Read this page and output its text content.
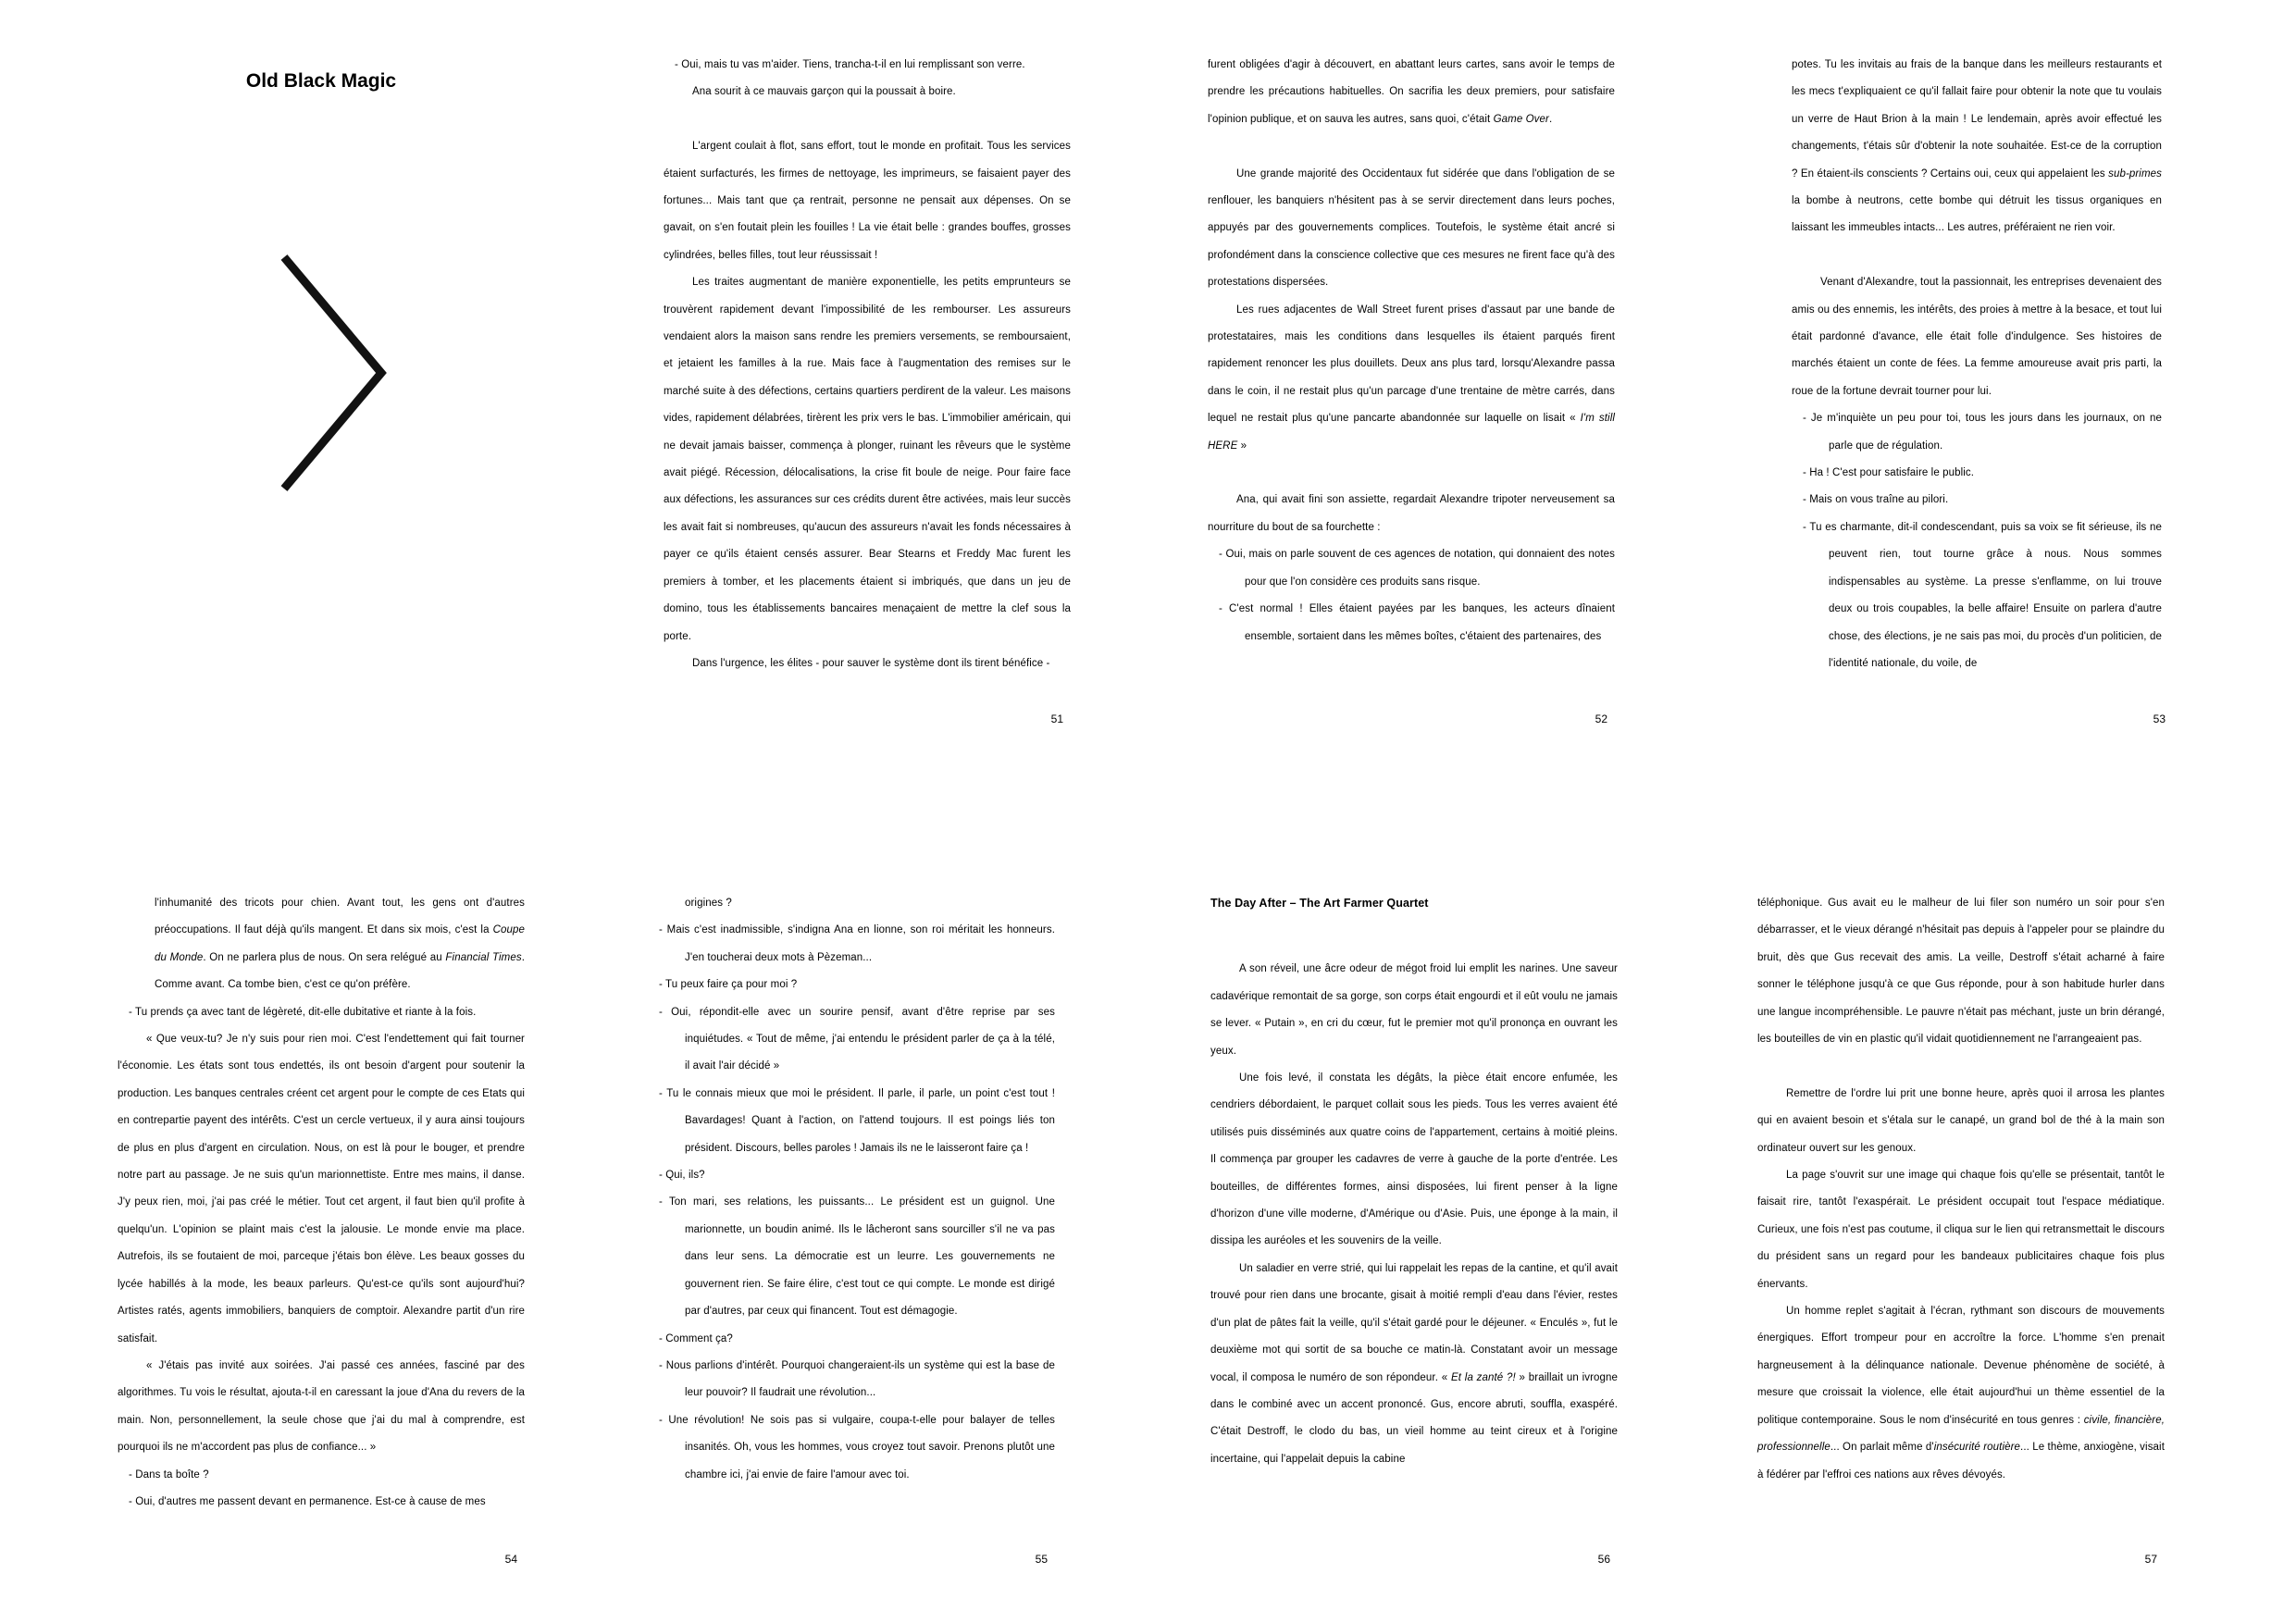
Old Black Magic

- Oui, mais tu vas m'aider. Tiens, trancha-t-il en lui remplissant son verre.

Ana sourit à ce mauvais garçon qui la poussait à boire.

L'argent coulait à flot, sans effort, tout le monde en profitait. Tous les services étaient surfacturés, les firmes de nettoyage, les imprimeurs, se faisaient payer des fortunes... Mais tant que ça rentrait, personne ne pensait aux dépenses. On se gavait, on s'en foutait plein les fouilles ! La vie était belle : grandes bouffes, grosses cylindrées, belles filles, tout leur réussissait !

Les traites augmentant de manière exponentielle, les petits emprunteurs se trouvèrent rapidement devant l'impossibilité de les rembourser. Les assureurs vendaient alors la maison sans rendre les premiers versements, se remboursaient, et jetaient les familles à la rue. Mais face à l'augmentation des remises sur le marché suite à des défections, certains quartiers perdirent de la valeur. Les maisons vides, rapidement délabrées, tirèrent les prix vers le bas. L'immobilier américain, qui ne devait jamais baisser, commença à plonger, ruinant les rêveurs que le système avait piégé. Récession, délocalisations, la crise fit boule de neige. Pour faire face aux défections, les assurances sur ces crédits durent être activées, mais leur succès les avait fait si nombreuses, qu'aucun des assureurs n'avait les fonds nécessaires à payer ce qu'ils étaient censés assurer. Bear Stearns et Freddy Mac furent les premiers à tomber, et les placements étaient si imbriqués, que dans un jeu de domino, tous les établissements bancaires menaçaient de mettre la clef sous la porte.

Dans l'urgence, les élites - pour sauver le système dont ils tirent bénéfice -

51

furent obligées d'agir à découvert, en abattant leurs cartes, sans avoir le temps de prendre les précautions habituelles. On sacrifia les deux premiers, pour satisfaire l'opinion publique, et on sauva les autres, sans quoi, c'était Game Over.

Une grande majorité des Occidentaux fut sidérée que dans l'obligation de se renflouer, les banquiers n'hésitent pas à se servir directement dans leurs poches, appuyés par des gouvernements complices. Toutefois, le système était ancré si profondément dans la conscience collective que ces mesures ne firent face qu'à des protestations dispersées.

Les rues adjacentes de Wall Street furent prises d'assaut par une bande de protestataires, mais les conditions dans lesquelles ils étaient parqués firent rapidement renoncer les plus douillets. Deux ans plus tard, lorsqu'Alexandre passa dans le coin, il ne restait plus qu'un parcage d'une trentaine de mètre carrés, dans lequel ne restait plus qu'une pancarte abandonnée sur laquelle on lisait « I'm still HERE »

Ana, qui avait fini son assiette, regardait Alexandre tripoter nerveusement sa nourriture du bout de sa fourchette :

- Oui, mais on parle souvent de ces agences de notation, qui donnaient des notes pour que l'on considère ces produits sans risque.

- C'est normal ! Elles étaient payées par les banques, les acteurs dînaient ensemble, sortaient dans les mêmes boîtes, c'étaient des partenaires, des

52

potes. Tu les invitais au frais de la banque dans les meilleurs restaurants et les mecs t'expliquaient ce qu'il fallait faire pour obtenir la note que tu voulais un verre de Haut Brion à la main ! Le lendemain, après avoir effectué les changements, t'étais sûr d'obtenir la note souhaitée. Est-ce de la corruption ? En étaient-ils conscients ? Certains oui, ceux qui appelaient les sub-primes la bombe à neutrons, cette bombe qui détruit les tissus organiques en laissant les immeubles intacts... Les autres, préféraient ne rien voir.

Venant d'Alexandre, tout la passionnait, les entreprises devenaient des amis ou des ennemis, les intérêts, des proies à mettre à la besace, et tout lui était pardonné d'avance, elle était folle d'indulgence. Ses histoires de marchés étaient un conte de fées. La femme amoureuse avait pris parti, la roue de la fortune devrait tourner pour lui.

- Je m'inquiète un peu pour toi, tous les jours dans les journaux, on ne parle que de régulation.

- Ha ! C'est pour satisfaire le public.

- Mais on vous traîne au pilori.

- Tu es charmante, dit-il condescendant, puis sa voix se fit sérieuse, ils ne peuvent rien, tout tourne grâce à nous. Nous sommes indispensables au système. La presse s'enflamme, on lui trouve deux ou trois coupables, la belle affaire! Ensuite on parlera d'autre chose, des élections, je ne sais pas moi, du procès d'un politicien, de l'identité nationale, du voile, de

53

l'inhumanité des tricots pour chien. Avant tout, les gens ont d'autres préoccupations. Il faut déjà qu'ils mangent. Et dans six mois, c'est la Coupe du Monde. On ne parlera plus de nous. On sera relégué au Financial Times. Comme avant. Ca tombe bien, c'est ce qu'on préfère.

- Tu prends ça avec tant de légèreté, dit-elle dubitative et riante à la fois.

« Que veux-tu? Je n'y suis pour rien moi. C'est l'endettement qui fait tourner l'économie. Les états sont tous endettés, ils ont besoin d'argent pour soutenir la production. Les banques centrales créent cet argent pour le compte de ces Etats qui en contrepartie payent des intérêts. C'est un cercle vertueux, il y aura ainsi toujours de plus en plus d'argent en circulation. Nous, on est là pour le bouger, et prendre notre part au passage. Je ne suis qu'un marionnettiste. Entre mes mains, il danse. J'y peux rien, moi, j'ai pas créé le métier. Tout cet argent, il faut bien qu'il profite à quelqu'un. L'opinion se plaint mais c'est la jalousie. Le monde envie ma place. Autrefois, ils se foutaient de moi, parceque j'étais bon élève. Les beaux gosses du lycée habillés à la mode, les beaux parleurs. Qu'est-ce qu'ils sont aujourd'hui? Artistes ratés, agents immobiliers, banquiers de comptoir. Alexandre partit d'un rire satisfait.

« J'étais pas invité aux soirées. J'ai passé ces années, fasciné par des algorithmes. Tu vois le résultat, ajouta-t-il en caressant la joue d'Ana du revers de la main. Non, personnellement, la seule chose que j'ai du mal à comprendre, est pourquoi ils ne m'accordent pas plus de confiance... »

- Dans ta boîte ?

- Oui, d'autres me passent devant en permanence. Est-ce à cause de mes

54

origines ?

- Mais c'est inadmissible, s'indigna Ana en lionne, son roi méritait les honneurs. J'en toucherai deux mots à Pèzeman...

- Tu peux faire ça pour moi ?

- Oui, répondit-elle avec un sourire pensif, avant d'être reprise par ses inquiétudes. « Tout de même, j'ai entendu le président parler de ça à la télé, il avait l'air décidé »

- Tu le connais mieux que moi le président. Il parle, il parle, un point c'est tout ! Bavardages! Quant à l'action, on l'attend toujours. Il est poings liés ton président. Discours, belles paroles ! Jamais ils ne le laisseront faire ça !

- Qui, ils?

- Ton mari, ses relations, les puissants... Le président est un guignol. Une marionnette, un boudin animé. Ils le lâcheront sans sourciller s'il ne va pas dans leur sens. La démocratie est un leurre. Les gouvernements ne gouvernent rien. Se faire élire, c'est tout ce qui compte. Le monde est dirigé par d'autres, par ceux qui financent. Tout est démagogie.

- Comment ça?

- Nous parlions d'intérêt. Pourquoi changeraient-ils un système qui est la base de leur pouvoir? Il faudrait une révolution...

- Une révolution! Ne sois pas si vulgaire, coupa-t-elle pour balayer de telles insanités. Oh, vous les hommes, vous croyez tout savoir. Prenons plutôt une chambre ici, j'ai envie de faire l'amour avec toi.

55

The Day After – The Art Farmer Quartet

A son réveil, une âcre odeur de mégot froid lui emplit les narines. Une saveur cadavérique remontait de sa gorge, son corps était engourdi et il eût voulu ne jamais se lever. « Putain », en cri du cœur, fut le premier mot qu'il prononça en ouvrant les yeux.

Une fois levé, il constata les dégâts, la pièce était encore enfumée, les cendriers débordaient, le parquet collait sous les pieds. Tous les verres avaient été utilisés puis disséminés aux quatre coins de l'appartement, certains à moitié pleins. Il commença par grouper les cadavres de verre à gauche de la porte d'entrée. Les bouteilles, de différentes formes, ainsi disposées, lui firent penser à la ligne d'horizon d'une ville moderne, d'Amérique ou d'Asie. Puis, une éponge à la main, il dissipa les auréoles et les souvenirs de la veille.

Un saladier en verre strié, qui lui rappelait les repas de la cantine, et qu'il avait trouvé pour rien dans une brocante, gisait à moitié rempli d'eau dans l'évier, restes d'un plat de pâtes fait la veille, qu'il s'était gardé pour le déjeuner. « Enculés », fut le deuxième mot qui sortit de sa bouche ce matin-là. Constatant avoir un message vocal, il composa le numéro de son répondeur. « Et la zanté ?! » braillait un ivrogne dans le combiné avec un accent prononcé. Gus, encore abruti, souffla, exaspéré. C'était Destroff, le clodo du bas, un vieil homme au teint cireux et à l'origine incertaine, qui l'appelait depuis la cabine

56

téléphonique. Gus avait eu le malheur de lui filer son numéro un soir pour s'en débarrasser, et le vieux dérangé n'hésitait pas depuis à l'appeler pour se plaindre du bruit, dès que Gus recevait des amis. La veille, Destroff s'était acharné à faire sonner le téléphone jusqu'à ce que Gus réponde, pour à son habitude hurler dans une langue incompréhensible. Le pauvre n'était pas méchant, juste un brin dérangé, les bouteilles de vin en plastic qu'il vidait quotidiennement ne l'arrangeaient pas.

Remettre de l'ordre lui prit une bonne heure, après quoi il arrosa les plantes qui en avaient besoin et s'étala sur le canapé, un grand bol de thé à la main son ordinateur ouvert sur les genoux.

La page s'ouvrit sur une image qui chaque fois qu'elle se présentait, tantôt le faisait rire, tantôt l'exaspérait. Le président occupait tout l'espace médiatique. Curieux, une fois n'est pas coutume, il cliqua sur le lien qui retransmettait le discours du président sans un regard pour les bandeaux publicitaires chaque fois plus énervants.

Un homme replet s'agitait à l'écran, rythmant son discours de mouvements énergiques. Effort trompeur pour en accroître la force. L'homme s'en prenait hargneusement à la délinquance nationale. Devenue phénomène de société, à mesure que croissait la violence, elle était aujourd'hui un thème essentiel de la politique contemporaine. Sous le nom d'insécurité en tous genres : civile, financière, professionnelle... On parlait même d'insécurité routière... Le thème, anxiogène, visait à fédérer par l'effroi ces nations aux rêves dévoyés.

57
